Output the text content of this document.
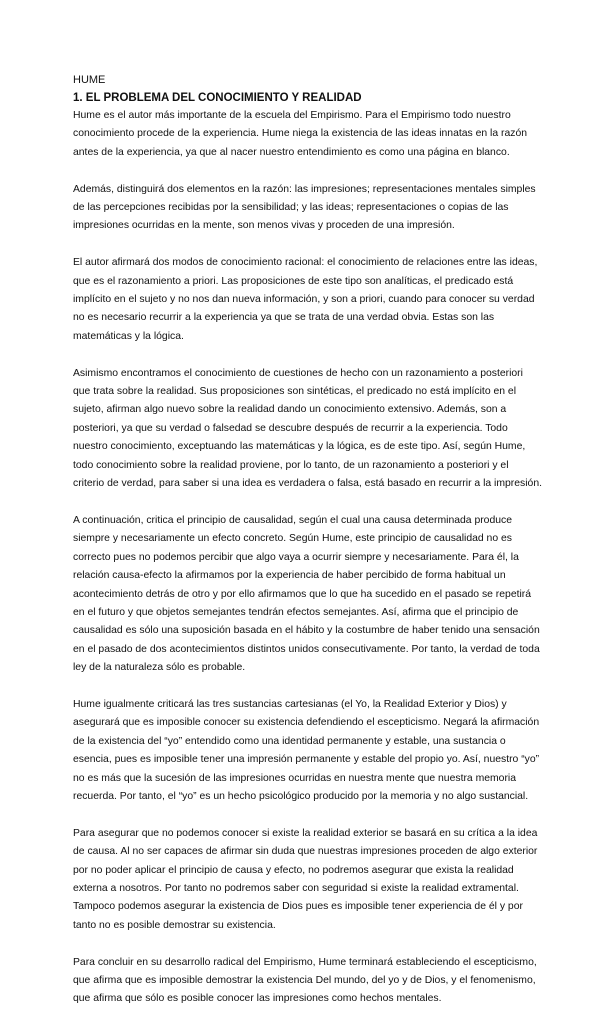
HUME
1. EL PROBLEMA DEL CONOCIMIENTO Y REALIDAD
Hume es el autor más importante de la escuela del Empirismo. Para el Empirismo todo nuestro
conocimiento procede de la experiencia. Hume niega la existencia de las ideas innatas en la razón
antes de la experiencia, ya que al nacer nuestro entendimiento es como una página en blanco.
Además, distinguirá dos elementos en la razón: las impresiones; representaciones mentales simples
de las percepciones recibidas por la sensibilidad; y las ideas; representaciones o copias de las
impresiones ocurridas en la mente, son menos vivas y proceden de una impresión.
El autor afirmará dos modos de conocimiento racional: el conocimiento de relaciones entre las ideas,
que es el razonamiento a priori. Las proposiciones de este tipo son analíticas, el predicado está
implícito en el sujeto y no nos dan nueva información, y son a priori, cuando para conocer su verdad
no es necesario recurrir a la experiencia ya que se trata de una verdad obvia. Estas son las
matemáticas y la lógica.
Asimismo encontramos el conocimiento de cuestiones de hecho con un razonamiento a posteriori
que trata sobre la realidad. Sus proposiciones son sintéticas, el predicado no está implícito en el
sujeto, afirman algo nuevo sobre la realidad dando un conocimiento extensivo. Además, son a
posteriori, ya que su verdad o falsedad se descubre después de recurrir a la experiencia. Todo
nuestro conocimiento, exceptuando las matemáticas y la lógica, es de este tipo. Así, según Hume,
todo conocimiento sobre la realidad proviene, por lo tanto, de un razonamiento a posteriori y el
criterio de verdad, para saber si una idea es verdadera o falsa, está basado en recurrir a la impresión.
A continuación, critica el principio de causalidad, según el cual una causa determinada produce
siempre y necesariamente un efecto concreto. Según Hume, este principio de causalidad no es
correcto pues no podemos percibir que algo vaya a ocurrir siempre y necesariamente. Para él, la
relación causa-efecto la afirmamos por la experiencia de haber percibido de forma habitual un
acontecimiento detrás de otro y por ello afirmamos que lo que ha sucedido en el pasado se repetirá
en el futuro y que objetos semejantes tendrán efectos semejantes. Así, afirma que el principio de
causalidad es sólo una suposición basada en el hábito y la costumbre de haber tenido una sensación
en el pasado de dos acontecimientos distintos unidos consecutivamente. Por tanto, la verdad de toda
ley de la naturaleza sólo es probable.
Hume igualmente criticará las tres sustancias cartesianas (el Yo, la Realidad Exterior y Dios) y
asegurará que es imposible conocer su existencia defendiendo el escepticismo. Negará la afirmación
de la existencia del “yo” entendido como una identidad permanente y estable, una sustancia o
esencia, pues es imposible tener una impresión permanente y estable del propio yo. Así, nuestro “yo”
no es más que la sucesión de las impresiones ocurridas en nuestra mente que nuestra memoria
recuerda. Por tanto, el “yo” es un hecho psicológico producido por la memoria y no algo sustancial.
Para asegurar que no podemos conocer si existe la realidad exterior se basará en su crítica a la idea
de causa. Al no ser capaces de afirmar sin duda que nuestras impresiones proceden de algo exterior
por no poder aplicar el principio de causa y efecto, no podremos asegurar que exista la realidad
externa a nosotros. Por tanto no podremos saber con seguridad si existe la realidad extramental.
Tampoco podemos asegurar la existencia de Dios pues es imposible tener experiencia de él y por
tanto no es posible demostrar su existencia.
Para concluir en su desarrollo radical del Empirismo, Hume terminará estableciendo el escepticismo,
que afirma que es imposible demostrar la existencia Del mundo, del yo y de Dios, y el fenomenismo,
que afirma que sólo es posible conocer las impresiones como hechos mentales.
